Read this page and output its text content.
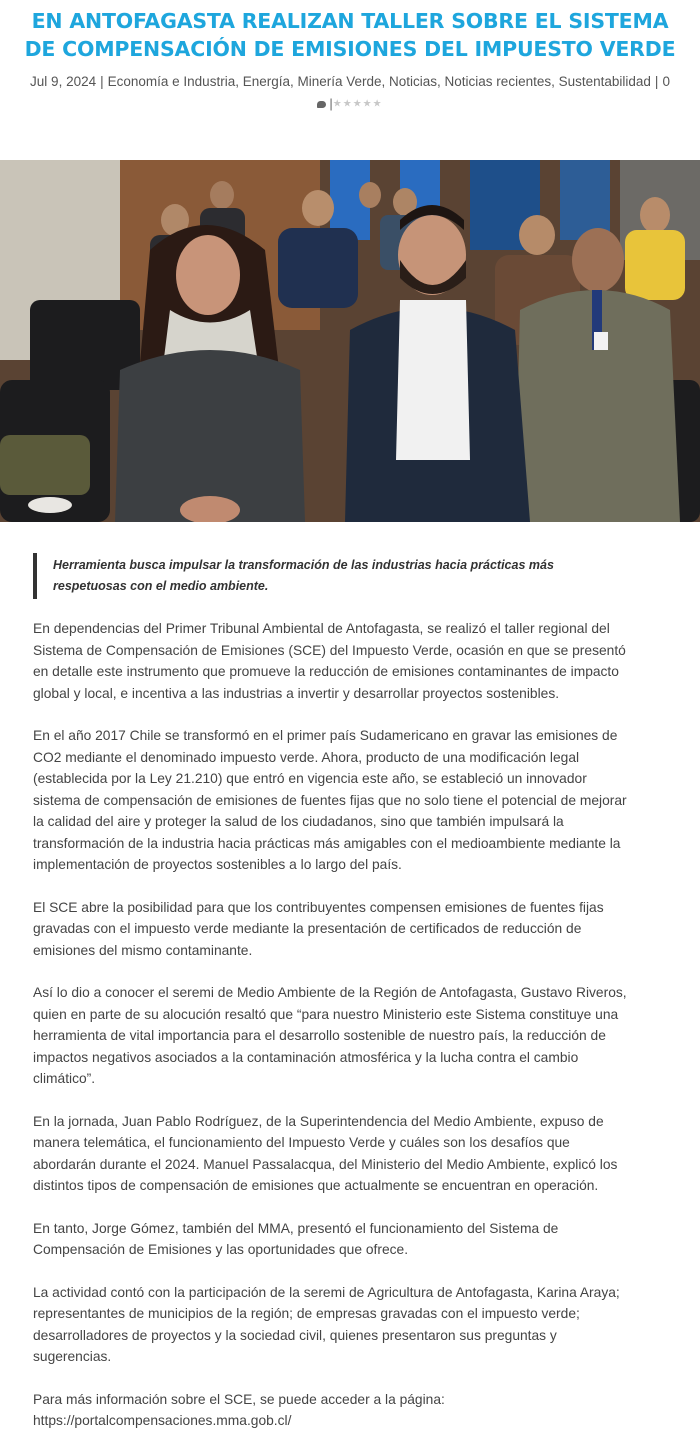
EN ANTOFAGASTA REALIZAN TALLER SOBRE EL SISTEMA DE COMPENSACIÓN DE EMISIONES DEL IMPUESTO VERDE
Jul 9, 2024 | Economía e Industria, Energía, Minería Verde, Noticias, Noticias recientes, Sustentabilidad | 0
|★★★★★
Herramienta busca impulsar la transformación de las industrias hacia prácticas más respetuosas con el medio ambiente.

En dependencias del Primer Tribunal Ambiental de Antofagasta, se realizó el taller regional del Sistema de Compensación de Emisiones (SCE) del Impuesto Verde, ocasión en que se presentó en detalle este instrumento que promueve la reducción de emisiones contaminantes de impacto global y local, e incentiva a las industrias a invertir y desarrollar proyectos sostenibles.

En el año 2017 Chile se transformó en el primer país Sudamericano en gravar las emisiones de CO2 mediante el denominado impuesto verde. Ahora, producto de una modificación legal (establecida por la Ley 21.210) que entró en vigencia este año, se estableció un innovador sistema de compensación de emisiones de fuentes fijas que no solo tiene el potencial de mejorar la calidad del aire y proteger la salud de los ciudadanos, sino que también impulsará la transformación de la industria hacia prácticas más amigables con el medioambiente mediante la implementación de proyectos sostenibles a lo largo del país.

El SCE abre la posibilidad para que los contribuyentes compensen emisiones de fuentes fijas gravadas con el impuesto verde mediante la presentación de certificados de reducción de emisiones del mismo contaminante.

Así lo dio a conocer el seremi de Medio Ambiente de la Región de Antofagasta, Gustavo Riveros, quien en parte de su alocución resaltó que “para nuestro Ministerio este Sistema constituye una herramienta de vital importancia para el desarrollo sostenible de nuestro país, la reducción de impactos negativos asociados a la contaminación atmosférica y la lucha contra el cambio climático”.

En la jornada, Juan Pablo Rodríguez, de la Superintendencia del Medio Ambiente, expuso de manera telemática, el funcionamiento del Impuesto Verde y cuáles son los desafíos que abordarán durante el 2024. Manuel Passalacqua, del Ministerio del Medio Ambiente, explicó los distintos tipos de compensación de emisiones que actualmente se encuentran en operación.

En tanto, Jorge Gómez, también del MMA, presentó el funcionamiento del Sistema de Compensación de Emisiones y las oportunidades que ofrece.

La actividad contó con la participación de la seremi de Agricultura de Antofagasta, Karina Araya; representantes de municipios de la región; de empresas gravadas con el impuesto verde; desarrolladores de proyectos y la sociedad civil, quienes presentaron sus preguntas y sugerencias.

Para más información sobre el SCE, se puede acceder a la página:
https://portalcompensaciones.mma.gob.cl/
